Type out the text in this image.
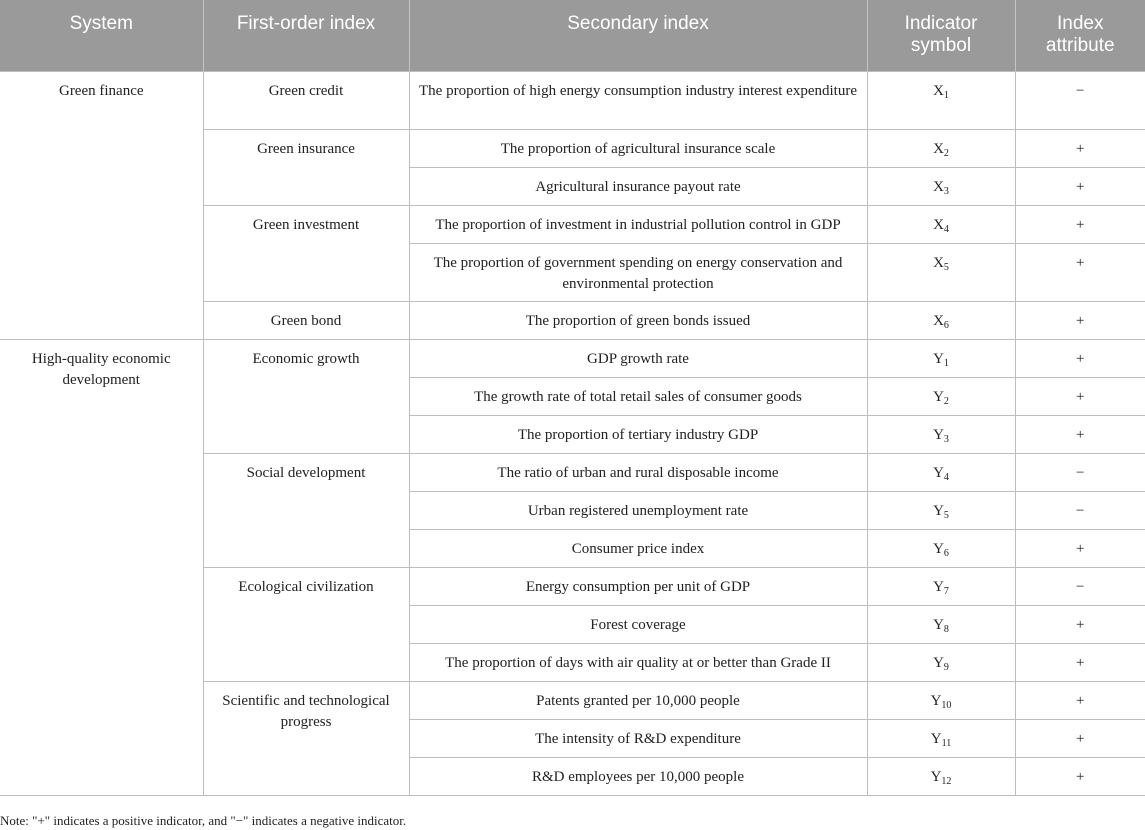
System	First-order index	Secondary index	Indicator symbol	Index attribute
Green finance	Green credit	The proportion of high energy consumption industry interest expenditure	$X_1$	−
	Green insurance	The proportion of agricultural insurance scale	$X_2$	+
		Agricultural insurance payout rate	$X_3$	+
	Green investment	The proportion of investment in industrial pollution control in GDP	$X_4$	+
		The proportion of government spending on energy conservation and environmental protection	$X_5$	+
	Green bond	The proportion of green bonds issued	$X_6$	+
High-quality economic development	Economic growth	GDP growth rate	$Y_1$	+
		The growth rate of total retail sales of consumer goods	$Y_2$	+
		The proportion of tertiary industry GDP	$Y_3$	+
	Social development	The ratio of urban and rural disposable income	$Y_4$	−
		Urban registered unemployment rate	$Y_5$	−
		Consumer price index	$Y_6$	+
	Ecological civilization	Energy consumption per unit of GDP	$Y_7$	−
		Forest coverage	$Y_8$	+
		The proportion of days with air quality at or better than Grade II	$Y_9$	+
	Scientific and technological progress	Patents granted per 10,000 people	$Y_{10}$	+
		The intensity of R&D expenditure	$Y_{11}$	+
		R&D employees per 10,000 people	$Y_{12}$	+
Note: "+" indicates a positive indicator, and "−" indicates a negative indicator.
